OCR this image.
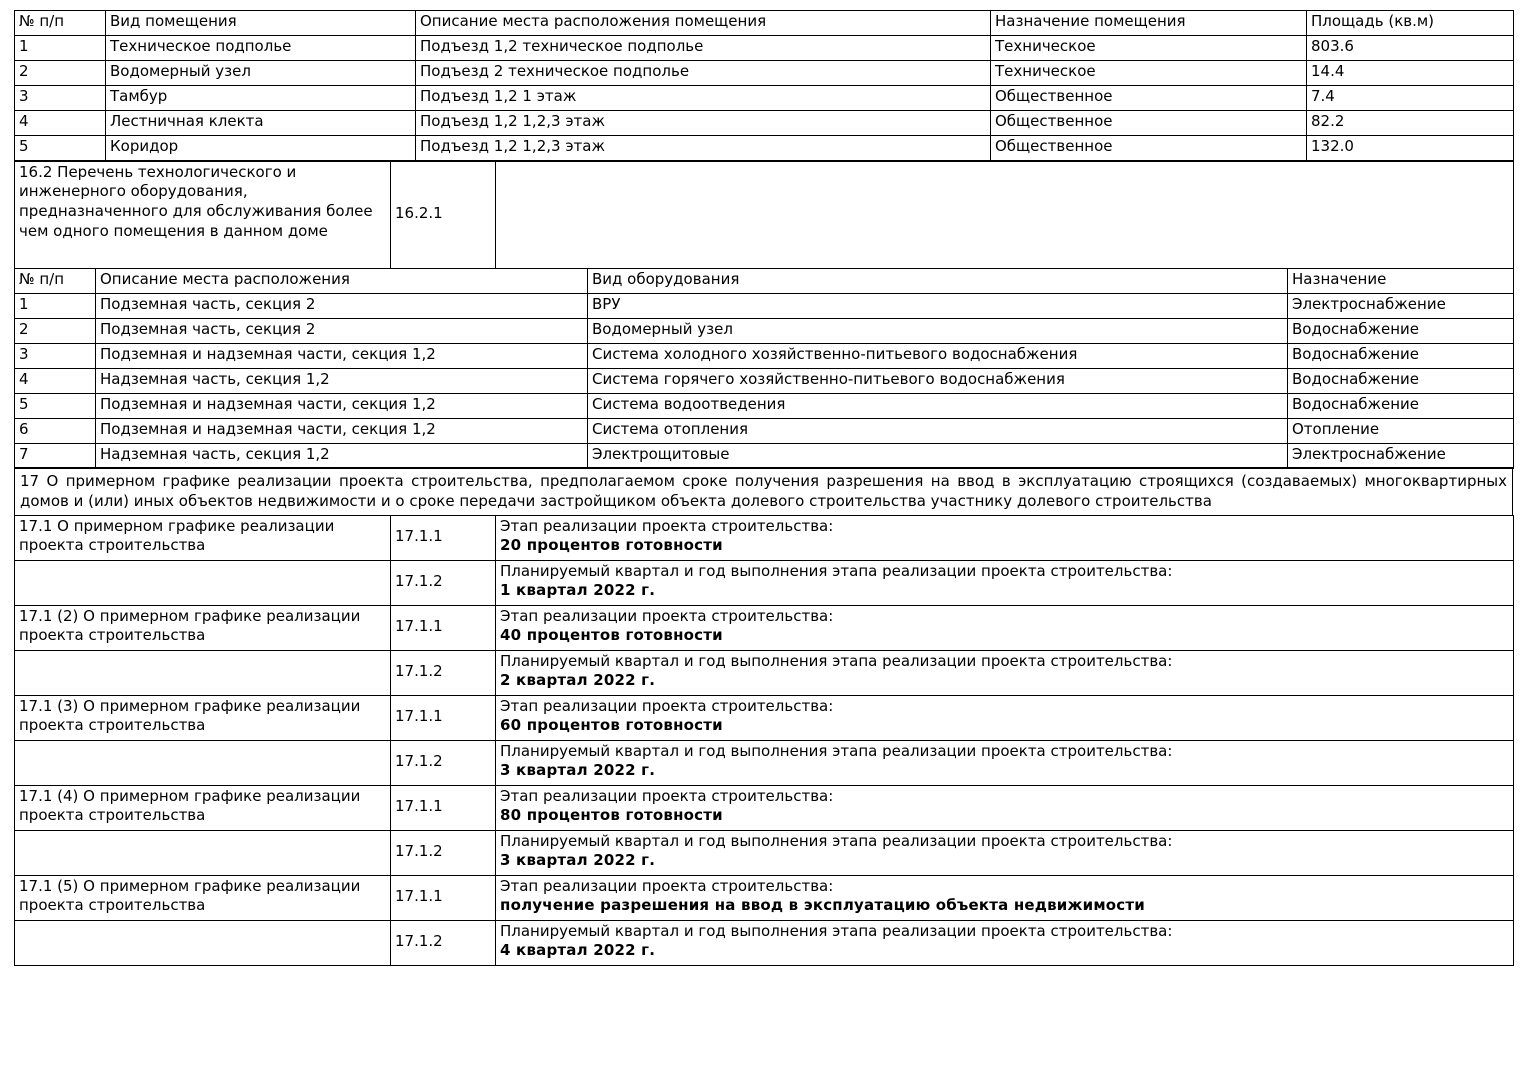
№ п/п	Вид помещения	Описание места расположения помещения	Назначение помещения	Площадь (кв.м)
1	Техническое подполье	Подъезд 1,2 техническое подполье	Техническое	803.6
2	Водомерный узел	Подъезд 2 техническое подполье	Техническое	14.4
3	Тамбур	Подъезд 1,2 1 этаж	Общественное	7.4
4	Лестничная клекта	Подъезд 1,2 1,2,3 этаж	Общественное	82.2
5	Коридор	Подъезд 1,2 1,2,3 этаж	Общественное	132.0
16.2 Перечень технологического и инженерного оборудования, предназначенного для обслуживания более чем одного помещения в данном доме	16.2.1	
№ п/п	Описание места расположения	Вид оборудования	Назначение
1	Подземная часть, секция 2	ВРУ	Электроснабжение
2	Подземная часть, секция 2	Водомерный узел	Водоснабжение
3	Подземная и надземная части, секция 1,2	Система холодного хозяйственно-питьевого водоснабжения	Водоснабжение
4	Надземная часть, секция 1,2	Система горячего хозяйственно-питьевого водоснабжения	Водоснабжение
5	Подземная и надземная части, секция 1,2	Система водоотведения	Водоснабжение
6	Подземная и надземная части, секция 1,2	Система отопления	Отопление
7	Надземная часть, секция 1,2	Электрощитовые	Электроснабжение
17 О примерном графике реализации проекта строительства, предполагаемом сроке получения разрешения на ввод в эксплуатацию строящихся (создаваемых) многоквартирных домов и (или) иных объектов недвижимости и о сроке передачи застройщиком объекта долевого строительства участнику долевого строительства
17.1 О примерном графике реализации проекта строительства	17.1.1	Этап реализации проекта строительства:
20 процентов готовности

	17.1.2	Планируемый квартал и год выполнения этапа реализации проекта строительства:
1 квартал 2022 г.

17.1 (2) О примерном графике реализации проекта строительства	17.1.1	Этап реализации проекта строительства:
40 процентов готовности

	17.1.2	Планируемый квартал и год выполнения этапа реализации проекта строительства:
2 квартал 2022 г.

17.1 (3) О примерном графике реализации проекта строительства	17.1.1	Этап реализации проекта строительства:
60 процентов готовности

	17.1.2	Планируемый квартал и год выполнения этапа реализации проекта строительства:
3 квартал 2022 г.

17.1 (4) О примерном графике реализации проекта строительства	17.1.1	Этап реализации проекта строительства:
80 процентов готовности

	17.1.2	Планируемый квартал и год выполнения этапа реализации проекта строительства:
3 квартал 2022 г.

17.1 (5) О примерном графике реализации проекта строительства	17.1.1	Этап реализации проекта строительства:
получение разрешения на ввод в эксплуатацию объекта недвижимости

	17.1.2	Планируемый квартал и год выполнения этапа реализации проекта строительства:
4 квартал 2022 г.
